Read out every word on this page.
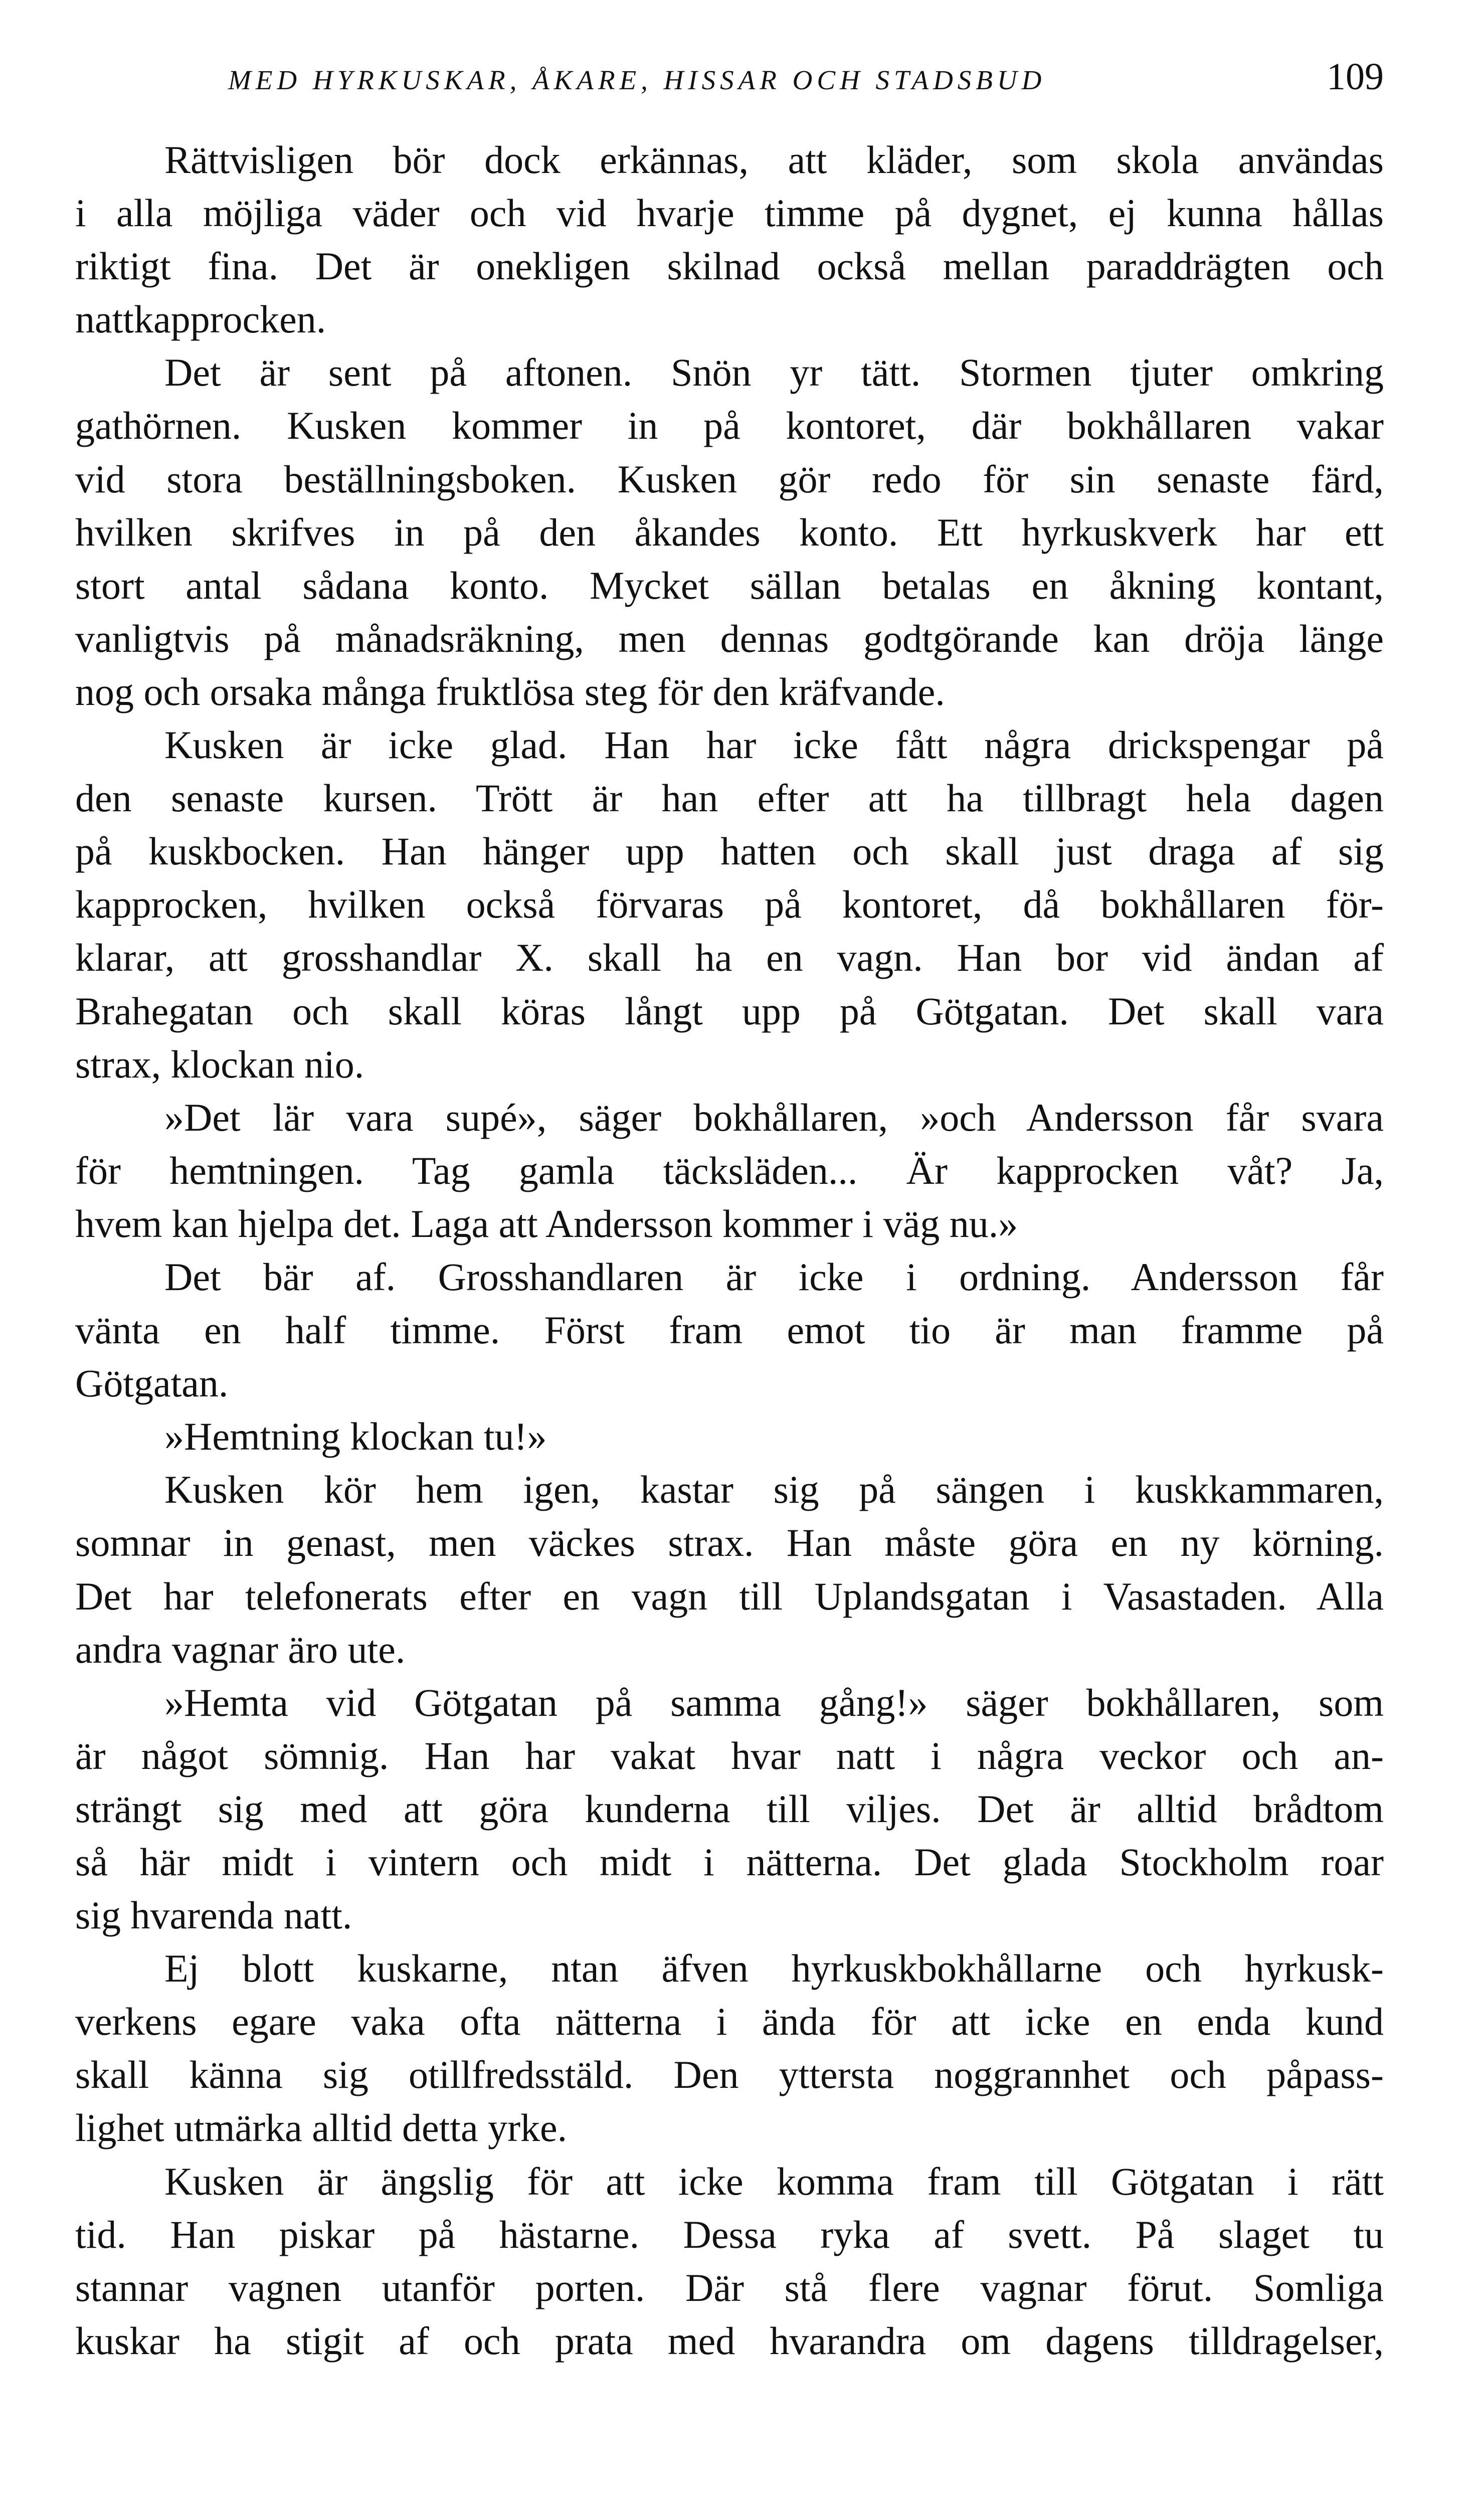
MED HYRKUSKAR, ÅKARE, HISSAR OCH STADSBUD	109
Rättvisligen bör dock erkännas, att kläder, som skola användas
i alla möjliga väder och vid hvarje timme på dygnet, ej kunna hållas
riktigt fina. Det är onekligen skilnad också mellan paraddrägten och
nattkapprocken.
Det är sent på aftonen. Snön yr tätt. Stormen tjuter omkring
gathörnen. Kusken kommer in på kontoret, där bokhållaren vakar
vid stora beställningsboken. Kusken gör redo för sin senaste färd,
hvilken skrifves in på den åkandes konto. Ett hyrkuskverk har ett
stort antal sådana konto. Mycket sällan betalas en åkning kontant,
vanligtvis på månadsräkning, men dennas godtgörande kan dröja länge
nog och orsaka många fruktlösa steg för den kräfvande.
Kusken är icke glad. Han har icke fått några drickspengar på
den senaste kursen. Trött är han efter att ha tillbragt hela dagen
på kuskbocken. Han hänger upp hatten och skall just draga af sig
kapprocken, hvilken också förvaras på kontoret, då bokhållaren för-
klarar, att grosshandlar X. skall ha en vagn. Han bor vid ändan af
Brahegatan och skall köras långt upp på Götgatan. Det skall vara
strax, klockan nio.
»Det lär vara supé», säger bokhållaren, »och Andersson får svara
för hemtningen. Tag gamla täcksläden... Är kapprocken våt? Ja,
hvem kan hjelpa det. Laga att Andersson kommer i väg nu.»
Det bär af. Grosshandlaren är icke i ordning. Andersson får
vänta en half timme. Först fram emot tio är man framme på
Götgatan.
»Hemtning klockan tu!»
Kusken kör hem igen, kastar sig på sängen i kuskkammaren,
somnar in genast, men väckes strax. Han måste göra en ny körning.
Det har telefonerats efter en vagn till Uplandsgatan i Vasastaden. Alla
andra vagnar äro ute.
»Hemta vid Götgatan på samma gång!» säger bokhållaren, som
är något sömnig. Han har vakat hvar natt i några veckor och an-
strängt sig med att göra kunderna till viljes. Det är alltid brådtom
så här midt i vintern och midt i nätterna. Det glada Stockholm roar
sig hvarenda natt.
Ej blott kuskarne, ntan äfven hyrkuskbokhållarne och hyrkusk-
verkens egare vaka ofta nätterna i ända för att icke en enda kund
skall känna sig otillfredsstäld. Den yttersta noggrannhet och påpass-
lighet utmärka alltid detta yrke.
Kusken är ängslig för att icke komma fram till Götgatan i rätt
tid. Han piskar på hästarne. Dessa ryka af svett. På slaget tu
stannar vagnen utanför porten. Där stå flere vagnar förut. Somliga
kuskar ha stigit af och prata med hvarandra om dagens tilldragelser,
